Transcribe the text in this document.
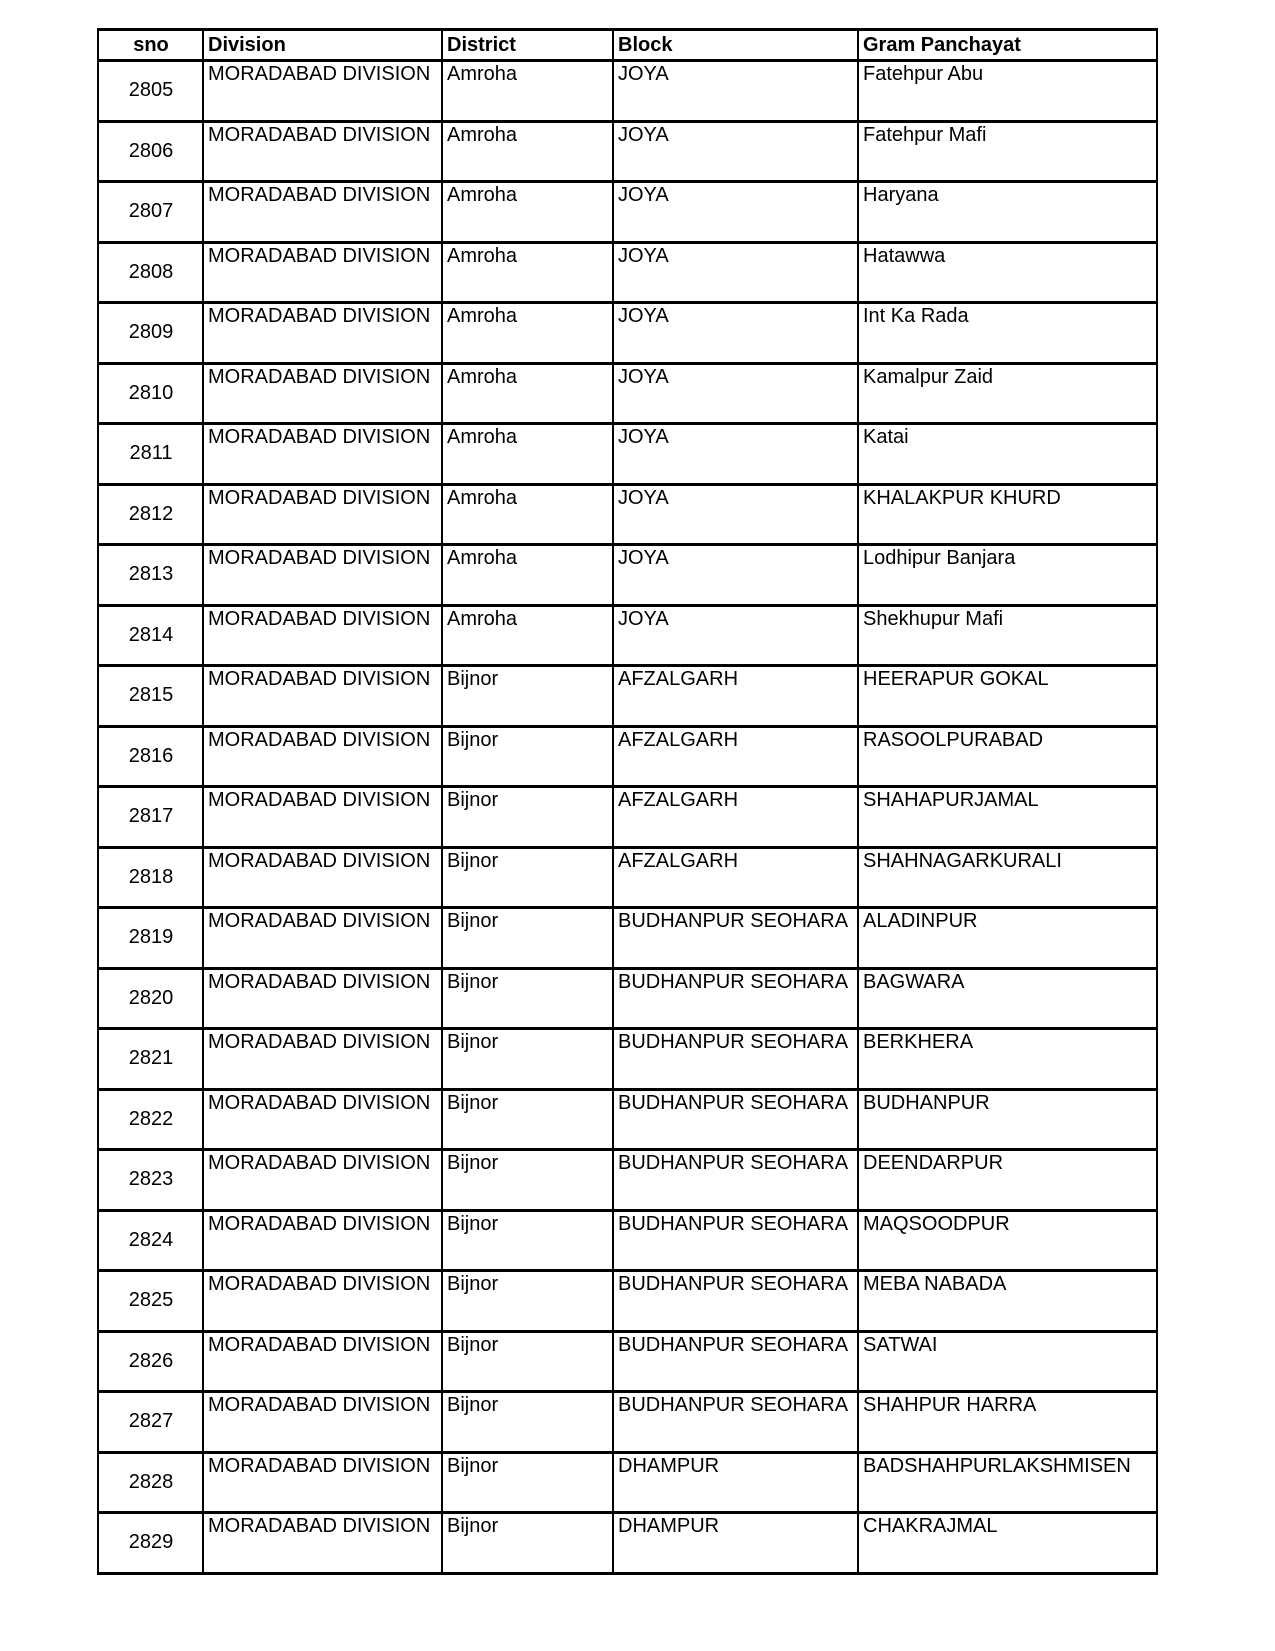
sno	Division	District	Block	Gram Panchayat
2805	MORADABAD DIVISION	Amroha	JOYA	Fatehpur Abu
2806	MORADABAD DIVISION	Amroha	JOYA	Fatehpur Mafi
2807	MORADABAD DIVISION	Amroha	JOYA	Haryana
2808	MORADABAD DIVISION	Amroha	JOYA	Hatawwa
2809	MORADABAD DIVISION	Amroha	JOYA	Int Ka Rada
2810	MORADABAD DIVISION	Amroha	JOYA	Kamalpur Zaid
2811	MORADABAD DIVISION	Amroha	JOYA	Katai
2812	MORADABAD DIVISION	Amroha	JOYA	KHALAKPUR KHURD
2813	MORADABAD DIVISION	Amroha	JOYA	Lodhipur Banjara
2814	MORADABAD DIVISION	Amroha	JOYA	Shekhupur Mafi
2815	MORADABAD DIVISION	Bijnor	AFZALGARH	HEERAPUR GOKAL
2816	MORADABAD DIVISION	Bijnor	AFZALGARH	RASOOLPURABAD
2817	MORADABAD DIVISION	Bijnor	AFZALGARH	SHAHAPURJAMAL
2818	MORADABAD DIVISION	Bijnor	AFZALGARH	SHAHNAGARKURALI
2819	MORADABAD DIVISION	Bijnor	BUDHANPUR SEOHARA	ALADINPUR
2820	MORADABAD DIVISION	Bijnor	BUDHANPUR SEOHARA	BAGWARA
2821	MORADABAD DIVISION	Bijnor	BUDHANPUR SEOHARA	BERKHERA
2822	MORADABAD DIVISION	Bijnor	BUDHANPUR SEOHARA	BUDHANPUR
2823	MORADABAD DIVISION	Bijnor	BUDHANPUR SEOHARA	DEENDARPUR
2824	MORADABAD DIVISION	Bijnor	BUDHANPUR SEOHARA	MAQSOODPUR
2825	MORADABAD DIVISION	Bijnor	BUDHANPUR SEOHARA	MEBA NABADA
2826	MORADABAD DIVISION	Bijnor	BUDHANPUR SEOHARA	SATWAI
2827	MORADABAD DIVISION	Bijnor	BUDHANPUR SEOHARA	SHAHPUR HARRA
2828	MORADABAD DIVISION	Bijnor	DHAMPUR	BADSHAHPURLAKSHMISEN
2829	MORADABAD DIVISION	Bijnor	DHAMPUR	CHAKRAJMAL
